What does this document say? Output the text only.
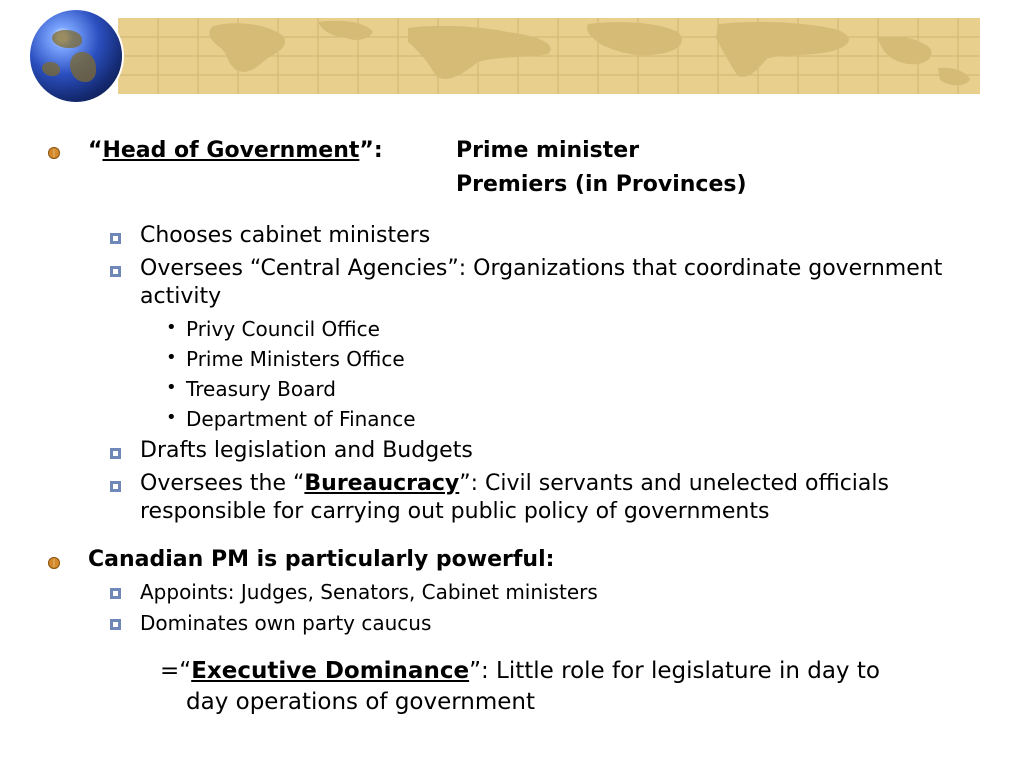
“Head of Government”:	Prime minister
Premiers (in Provinces)
Chooses cabinet ministers
Oversees “Central Agencies”: Organizations that coordinate government
activity
• Privy Council Office
• Prime Ministers Office
• Treasury Board
• Department of Finance
Drafts legislation and Budgets
Oversees the “Bureaucracy”: Civil servants and unelected officials
responsible for carrying out public policy of governments
Canadian PM is particularly powerful:
Appoints: Judges, Senators, Cabinet ministers
Dominates own party caucus
=“Executive Dominance”: Little role for legislature in day to
day operations of government
